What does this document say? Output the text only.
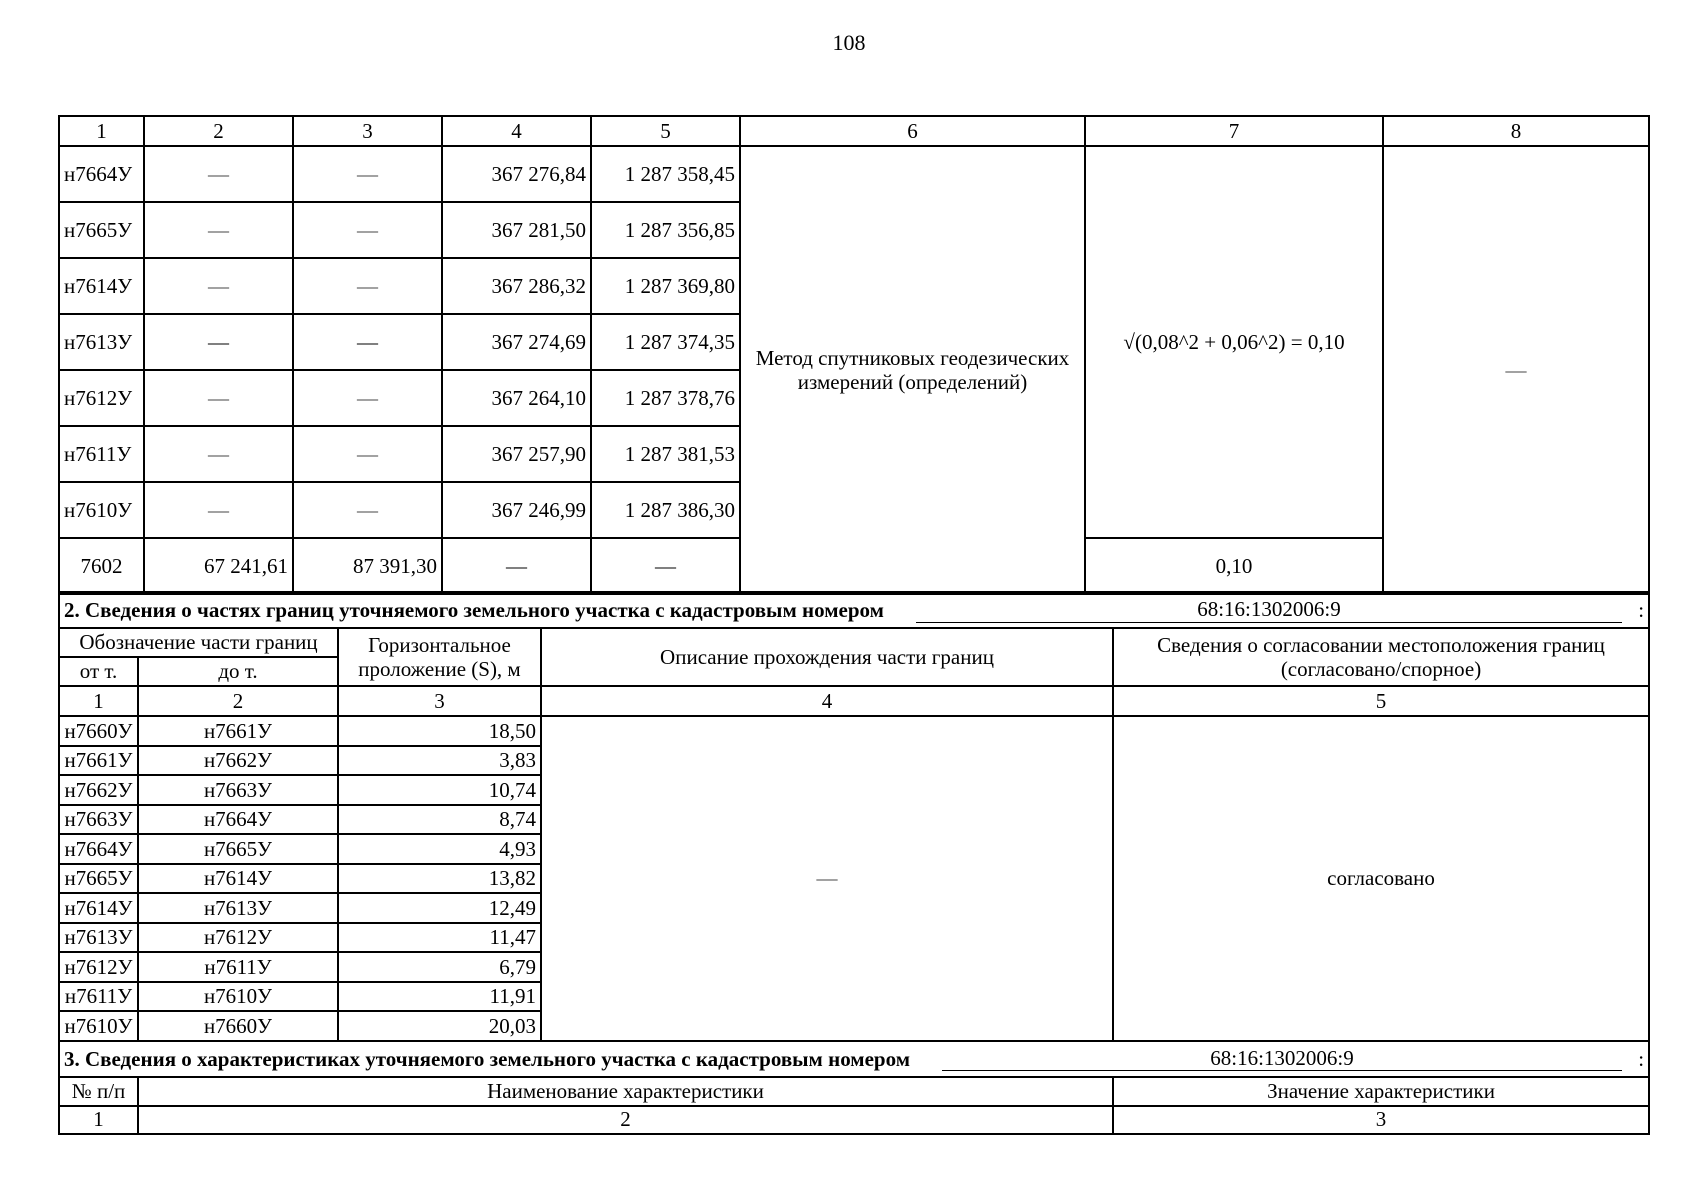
108
1	2	3	4	5	6	7	8
н7664У	—	—	367 276,84	1 287 358,45	Метод спутниковых геодезических измерений (определений)	√(0,08^2 + 0,06^2) = 0,10	—
н7665У	—	—	367 281,50	1 287 356,85			
н7614У	—	—	367 286,32	1 287 369,80			
н7613У	—	—	367 274,69	1 287 374,35			
н7612У	—	—	367 264,10	1 287 378,76			
н7611У	—	—	367 257,90	1 287 381,53			
н7610У	—	—	367 246,99	1 287 386,30			
7602	67 241,61	87 391,30	—	—		0,10	
2. Сведения о частях границ уточняемого земельного участка с кадастровым номером 68:16:1302006:9 :				

Обозначение части границ		Горизонтальное проложение (S), м	Описание прохождения части границ	Сведения о согласовании местоположения границ (согласовано/спорное)
от т.	до т.			
1	2	3	4	5
н7660У	н7661У	18,50	—	согласовано
н7661У	н7662У	3,83		
н7662У	н7663У	10,74		
н7663У	н7664У	8,74		
н7664У	н7665У	4,93		
н7665У	н7614У	13,82		
н7614У	н7613У	12,49		
н7613У	н7612У	11,47		
н7612У	н7611У	6,79		
н7611У	н7610У	11,91		
н7610У	н7660У	20,03		

3. Сведения о характеристиках уточняемого земельного участка с кадастровым номером 68:16:1302006:9 :				

№ п/п	Наименование характеристики			Значение характеристики
1	2			3
